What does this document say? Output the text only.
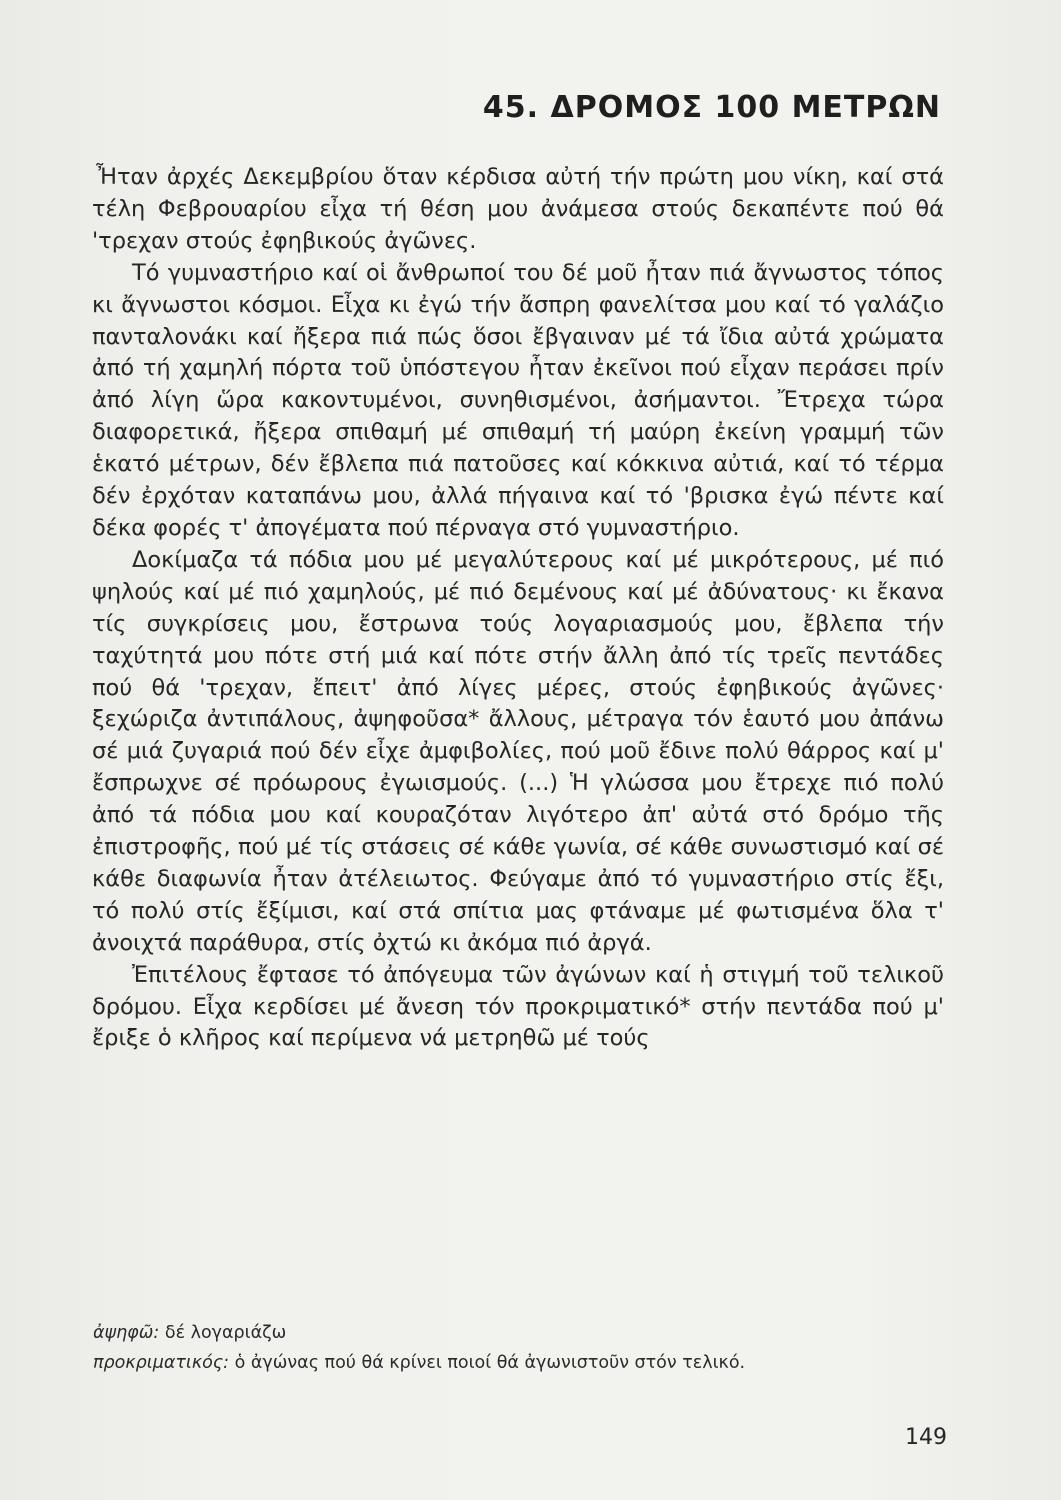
45. ΔΡΟΜΟΣ 100 ΜΕΤΡΩΝ

Ἦταν ἀρχές Δεκεμβρίου ὅταν κέρδισα αὐτή τήν πρώτη μου νίκη, καί στά τέλη Φεβρουαρίου εἶχα τή θέση μου ἀνάμεσα στούς δεκαπέντε πού θά 'τρεχαν στούς ἐφηβικούς ἀγῶνες.

Τό γυμναστήριο καί οἱ ἄνθρωποί του δέ μοῦ ἦταν πιά ἄγνωστος τόπος κι ἄγνωστοι κόσμοι. Εἶχα κι ἐγώ τήν ἄσπρη φανελίτσα μου καί τό γαλάζιο πανταλονάκι καί ἤξερα πιά πώς ὅσοι ἔβγαιναν μέ τά ἴδια αὐτά χρώματα ἀπό τή χαμηλή πόρτα τοῦ ὑπόστεγου ἦταν ἐκεῖνοι πού εἶχαν περάσει πρίν ἀπό λίγη ὥρα κακοντυμένοι, συνηθισμένοι, ἀσήμαντοι. Ἔτρεχα τώρα διαφορετικά, ἤξερα σπιθαμή μέ σπιθαμή τή μαύρη ἐκείνη γραμμή τῶν ἑκατό μέτρων, δέν ἔβλεπα πιά πατοῦσες καί κόκκινα αὐτιά, καί τό τέρμα δέν ἐρχόταν καταπάνω μου, ἀλλά πήγαινα καί τό 'βρισκα ἐγώ πέντε καί δέκα φορές τ' ἀπογέματα πού πέρναγα στό γυμναστήριο.

Δοκίμαζα τά πόδια μου μέ μεγαλύτερους καί μέ μικρότερους, μέ πιό ψηλούς καί μέ πιό χαμηλούς, μέ πιό δεμένους καί μέ ἀδύνατους· κι ἔκανα τίς συγκρίσεις μου, ἔστρωνα τούς λογαριασμούς μου, ἔβλεπα τήν ταχύτητά μου πότε στή μιά καί πότε στήν ἄλλη ἀπό τίς τρεῖς πεντάδες πού θά 'τρεχαν, ἔπειτ' ἀπό λίγες μέρες, στούς ἐφηβικούς ἀγῶνες· ξεχώριζα ἀντιπάλους, ἀψηφοῦσα* ἄλλους, μέτραγα τόν ἑαυτό μου ἀπάνω σέ μιά ζυγαριά πού δέν εἶχε ἀμφιβολίες, πού μοῦ ἔδινε πολύ θάρρος καί μ' ἔσπρωχνε σέ πρόωρους ἐγωισμούς. (...) Ἡ γλώσσα μου ἔτρεχε πιό πολύ ἀπό τά πόδια μου καί κουραζόταν λιγότερο ἀπ' αὐτά στό δρόμο τῆς ἐπιστροφῆς, πού μέ τίς στάσεις σέ κάθε γωνία, σέ κάθε συνωστισμό καί σέ κάθε διαφωνία ἦταν ἀτέλειωτος. Φεύγαμε ἀπό τό γυμναστήριο στίς ἔξι, τό πολύ στίς ἔξίμισι, καί στά σπίτια μας φτάναμε μέ φωτισμένα ὅλα τ' ἀνοιχτά παράθυρα, στίς ὀχτώ κι ἀκόμα πιό ἀργά.

Ἐπιτέλους ἔφτασε τό ἀπόγευμα τῶν ἀγώνων καί ἡ στιγμή τοῦ τελικοῦ δρόμου. Εἶχα κερδίσει μέ ἄνεση τόν προκριματικό* στήν πεντάδα πού μ' ἔριξε ὁ κλῆρος καί περίμενα νά μετρηθῶ μέ τούς

ἀψηφῶ: δέ λογαριάζω

προκριματικός: ὁ ἀγώνας πού θά κρίνει ποιοί θά ἀγωνιστοῦν στόν τελικό.

149
